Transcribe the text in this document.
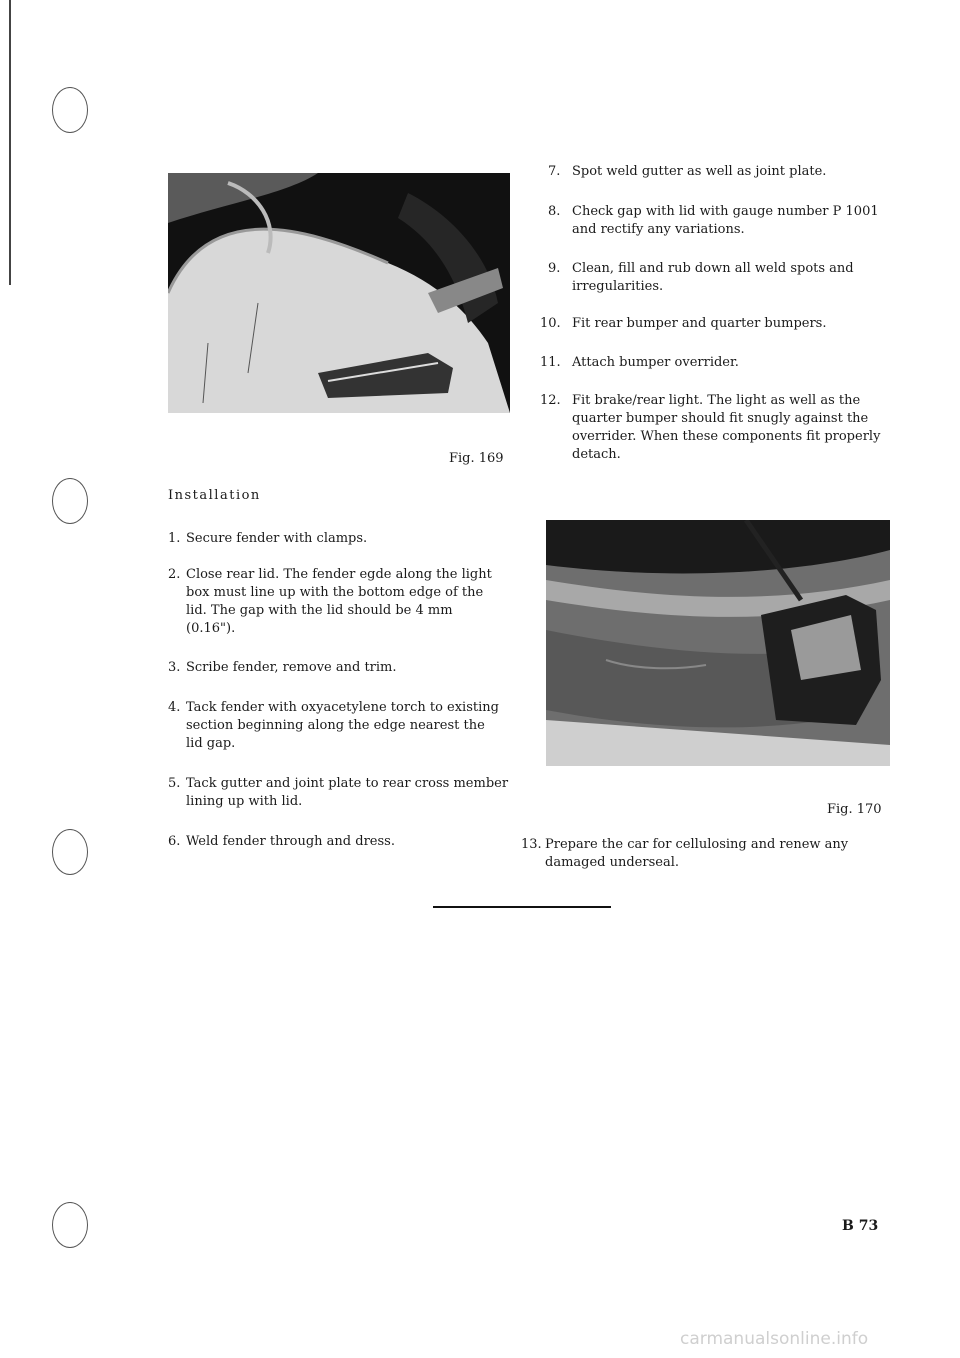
Fig. 169
Installation
1. Secure fender with clamps.
2. Close rear lid. The fender egde along the light
box must line up with the bottom edge of the
lid. The gap with the lid should be 4 mm
(0.16").
3. Scribe fender, remove and trim.
4. Tack fender with oxyacetylene torch to existing
section beginning along the edge nearest the
lid gap.
5. Tack gutter and joint plate to rear cross member
lining up with lid.
6. Weld fender through and dress.
7. Spot weld gutter as well as joint plate.
8. Check gap with lid with gauge number P 1001
and rectify any variations.
9. Clean, fill and rub down all weld spots and
irregularities.
10. Fit rear bumper and quarter bumpers.
11. Attach bumper overrider.
12. Fit brake/rear light. The light as well as the
quarter bumper should fit snugly against the
overrider. When these components fit properly
detach.
Fig. 170
13. Prepare the car for cellulosing and renew any
damaged underseal.
B 73
carmanualsonline.info
